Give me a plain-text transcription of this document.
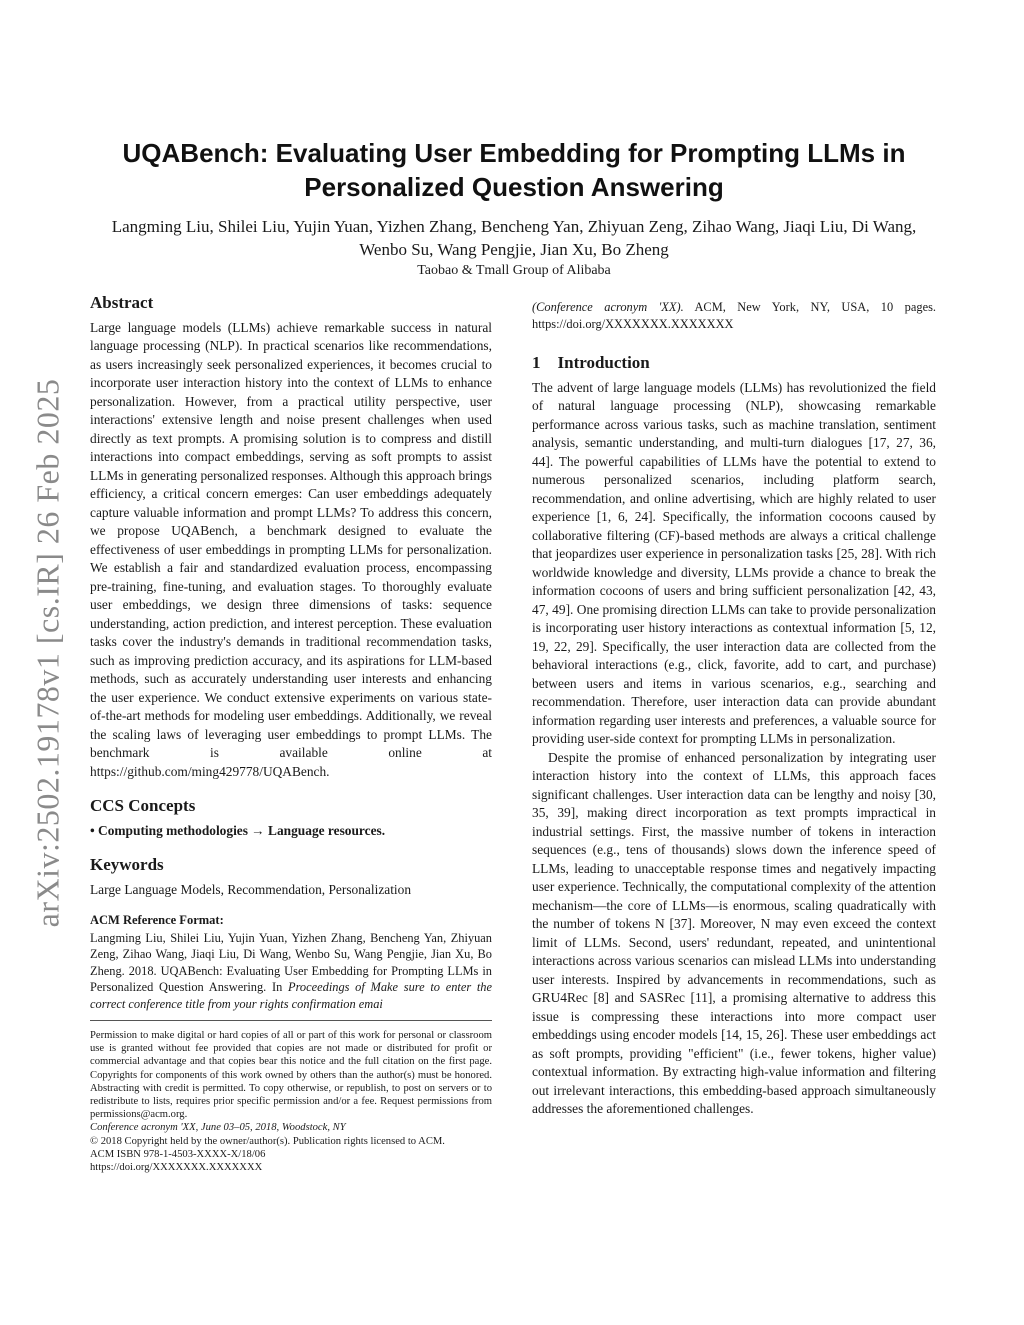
arXiv:2502.19178v1 [cs.IR] 26 Feb 2025
UQABench: Evaluating User Embedding for Prompting LLMs in Personalized Question Answering
Langming Liu, Shilei Liu, Yujin Yuan, Yizhen Zhang, Bencheng Yan, Zhiyuan Zeng, Zihao Wang, Jiaqi Liu, Di Wang, Wenbo Su, Wang Pengjie, Jian Xu, Bo Zheng
Taobao & Tmall Group of Alibaba
Abstract

Large language models (LLMs) achieve remarkable success in natural language processing (NLP). In practical scenarios like recommendations, as users increasingly seek personalized experiences, it becomes crucial to incorporate user interaction history into the context of LLMs to enhance personalization. However, from a practical utility perspective, user interactions' extensive length and noise present challenges when used directly as text prompts. A promising solution is to compress and distill interactions into compact embeddings, serving as soft prompts to assist LLMs in generating personalized responses. Although this approach brings efficiency, a critical concern emerges: Can user embeddings adequately capture valuable information and prompt LLMs? To address this concern, we propose UQABench, a benchmark designed to evaluate the effectiveness of user embeddings in prompting LLMs for personalization. We establish a fair and standardized evaluation process, encompassing pre-training, fine-tuning, and evaluation stages. To thoroughly evaluate user embeddings, we design three dimensions of tasks: sequence understanding, action prediction, and interest perception. These evaluation tasks cover the industry's demands in traditional recommendation tasks, such as improving prediction accuracy, and its aspirations for LLM-based methods, such as accurately understanding user interests and enhancing the user experience. We conduct extensive experiments on various state-of-the-art methods for modeling user embeddings. Additionally, we reveal the scaling laws of leveraging user embeddings to prompt LLMs. The benchmark is available online at https://github.com/ming429778/UQABench.

CCS Concepts

• Computing methodologies → Language resources.

Keywords

Large Language Models, Recommendation, Personalization

ACM Reference Format:

Langming Liu, Shilei Liu, Yujin Yuan, Yizhen Zhang, Bencheng Yan, Zhiyuan Zeng, Zihao Wang, Jiaqi Liu, Di Wang, Wenbo Su, Wang Pengjie, Jian Xu, Bo Zheng. 2018. UQABench: Evaluating User Embedding for Prompting LLMs in Personalized Question Answering. In Proceedings of Make sure to enter the correct conference title from your rights confirmation emai

Permission to make digital or hard copies of all or part of this work for personal or classroom use is granted without fee provided that copies are not made or distributed for profit or commercial advantage and that copies bear this notice and the full citation on the first page. Copyrights for components of this work owned by others than the author(s) must be honored. Abstracting with credit is permitted. To copy otherwise, or republish, to post on servers or to redistribute to lists, requires prior specific permission and/or a fee. Request permissions from permissions@acm.org.
Conference acronym 'XX, June 03–05, 2018, Woodstock, NY
© 2018 Copyright held by the owner/author(s). Publication rights licensed to ACM.
ACM ISBN 978-1-4503-XXXX-X/18/06
https://doi.org/XXXXXXX.XXXXXXX

(Conference acronym 'XX). ACM, New York, NY, USA, 10 pages. https://doi.org/XXXXXXX.XXXXXXX

1    Introduction

The advent of large language models (LLMs) has revolutionized the field of natural language processing (NLP), showcasing remarkable performance across various tasks, such as machine translation, sentiment analysis, semantic understanding, and multi-turn dialogues [17, 27, 36, 44]. The powerful capabilities of LLMs have the potential to extend to numerous personalized scenarios, including platform search, recommendation, and online advertising, which are highly related to user experience [1, 6, 24]. Specifically, the information cocoons caused by collaborative filtering (CF)-based methods are always a critical challenge that jeopardizes user experience in personalization tasks [25, 28]. With rich worldwide knowledge and diversity, LLMs provide a chance to break the information cocoons of users and bring sufficient personalization [42, 43, 47, 49]. One promising direction LLMs can take to provide personalization is incorporating user history interactions as contextual information [5, 12, 19, 22, 29]. Specifically, the user interaction data are collected from the behavioral interactions (e.g., click, favorite, add to cart, and purchase) between users and items in various scenarios, e.g., searching and recommendation. Therefore, user interaction data can provide abundant information regarding user interests and preferences, a valuable source for providing user-side context for prompting LLMs in personalization.

Despite the promise of enhanced personalization by integrating user interaction history into the context of LLMs, this approach faces significant challenges. User interaction data can be lengthy and noisy [30, 35, 39], making direct incorporation as text prompts impractical in industrial settings. First, the massive number of tokens in interaction sequences (e.g., tens of thousands) slows down the inference speed of LLMs, leading to unacceptable response times and negatively impacting user experience. Technically, the computational complexity of the attention mechanism—the core of LLMs—is enormous, scaling quadratically with the number of tokens N [37]. Moreover, N may even exceed the context limit of LLMs. Second, users' redundant, repeated, and unintentional interactions across various scenarios can mislead LLMs into understanding user interests. Inspired by advancements in recommendations, such as GRU4Rec [8] and SASRec [11], a promising alternative to address this issue is compressing these interactions into more compact user embeddings using encoder models [14, 15, 26]. These user embeddings act as soft prompts, providing "efficient" (i.e., fewer tokens, higher value) contextual information. By extracting high-value information and filtering out irrelevant interactions, this embedding-based approach simultaneously addresses the aforementioned challenges.
